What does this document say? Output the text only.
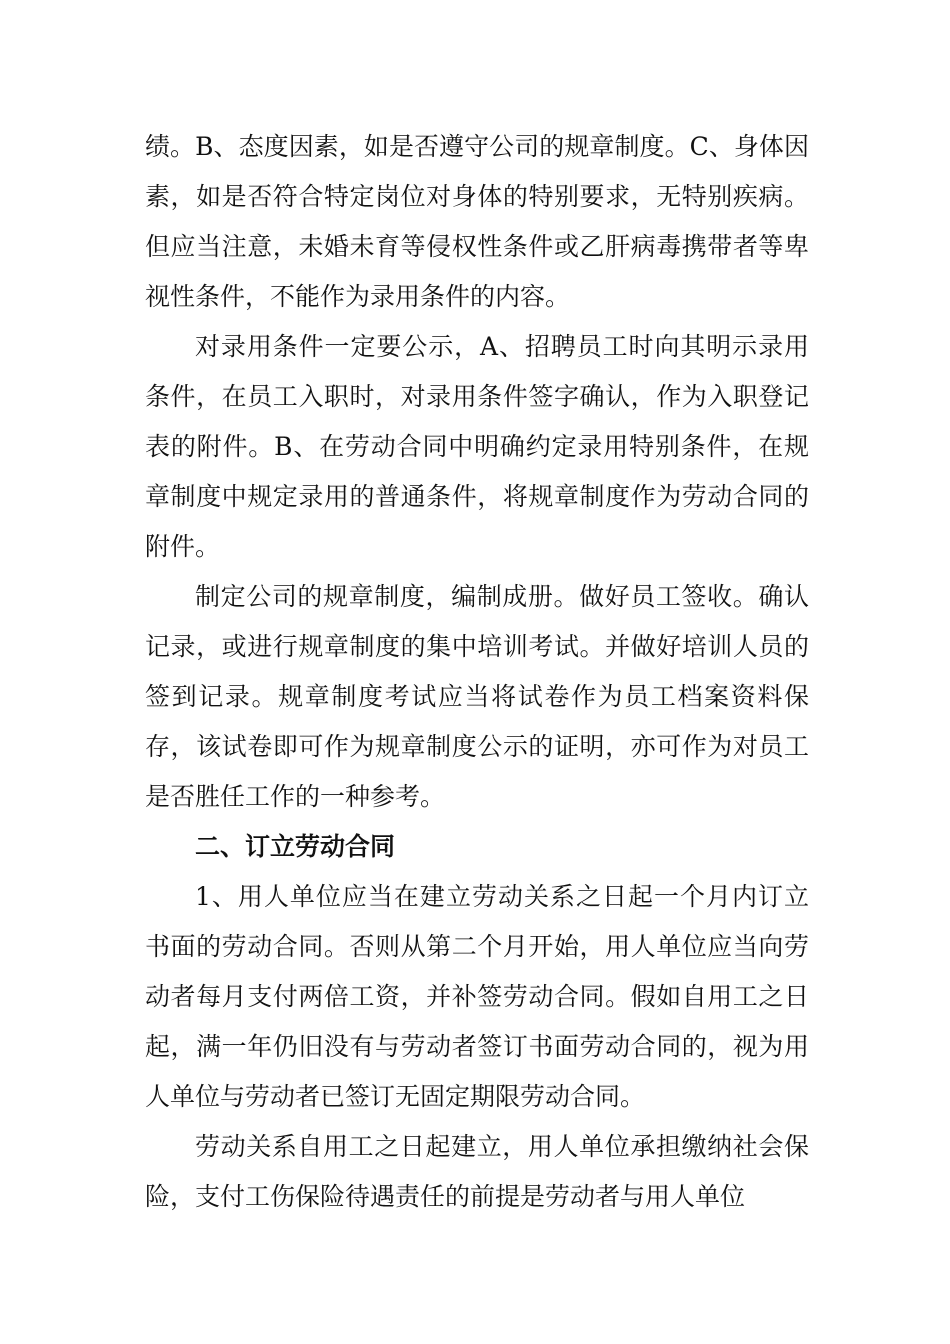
绩。B、态度因素，如是否遵守公司的规章制度。C、身体因素，如是否符合特定岗位对身体的特别要求，无特别疾病。但应当注意，未婚未育等侵权性条件或乙肝病毒携带者等卑视性条件，不能作为录用条件的内容。

对录用条件一定要公示，A、招聘员工时向其明示录用条件，在员工入职时，对录用条件签字确认，作为入职登记表的附件。B、在劳动合同中明确约定录用特别条件，在规章制度中规定录用的普通条件，将规章制度作为劳动合同的附件。

制定公司的规章制度，编制成册。做好员工签收。确认记录，或进行规章制度的集中培训考试。并做好培训人员的签到记录。规章制度考试应当将试卷作为员工档案资料保存，该试卷即可作为规章制度公示的证明，亦可作为对员工是否胜任工作的一种参考。

二、订立劳动合同

1、用人单位应当在建立劳动关系之日起一个月内订立书面的劳动合同。否则从第二个月开始，用人单位应当向劳动者每月支付两倍工资，并补签劳动合同。假如自用工之日起，满一年仍旧没有与劳动者签订书面劳动合同的，视为用人单位与劳动者已签订无固定期限劳动合同。

劳动关系自用工之日起建立，用人单位承担缴纳社会保险，支付工伤保险待遇责任的前提是劳动者与用人单位
